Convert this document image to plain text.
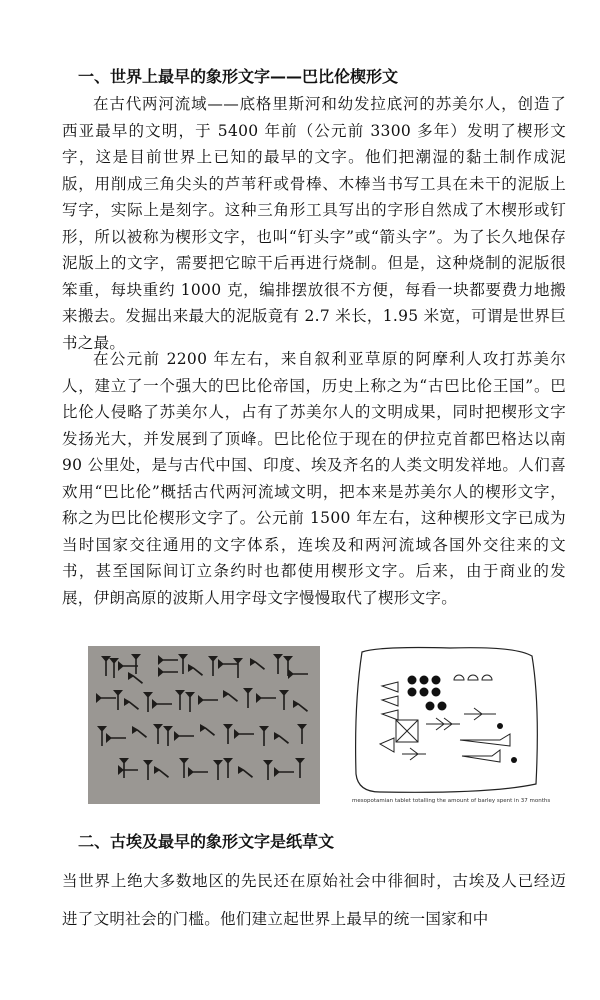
一、世界上最早的象形文字——巴比伦楔形文

在古代两河流域——底格里斯河和幼发拉底河的苏美尔人，创造了西亚最早的文明，于 5400 年前（公元前 3300 多年）发明了楔形文字，这是目前世界上已知的最早的文字。他们把潮湿的黏土制作成泥版，用削成三角尖头的芦苇秆或骨棒、木棒当书写工具在未干的泥版上写字，实际上是刻字。这种三角形工具写出的字形自然成了木楔形或钉形，所以被称为楔形文字，也叫“钉头字”或“箭头字”。为了长久地保存泥版上的文字，需要把它晾干后再进行烧制。但是，这种烧制的泥版很笨重，每块重约 1000 克，编排摆放很不方便，每看一块都要费力地搬来搬去。发掘出来最大的泥版竟有 2.7 米长，1.95 米宽，可谓是世界巨书之最。

在公元前 2200 年左右，来自叙利亚草原的阿摩利人攻打苏美尔人，建立了一个强大的巴比伦帝国，历史上称之为“古巴比伦王国”。巴比伦人侵略了苏美尔人，占有了苏美尔人的文明成果，同时把楔形文字发扬光大，并发展到了顶峰。巴比伦位于现在的伊拉克首都巴格达以南 90 公里处，是与古代中国、印度、埃及齐名的人类文明发祥地。人们喜欢用“巴比伦”概括古代两河流域文明，把本来是苏美尔人的楔形文字，称之为巴比伦楔形文字了。公元前 1500 年左右，这种楔形文字已成为当时国家交往通用的文字体系，连埃及和两河流域各国外交往来的文书，甚至国际间订立条约时也都使用楔形文字。后来，由于商业的发展，伊朗高原的波斯人用字母文字慢慢取代了楔形文字。

mesopotamian tablet totalling the amount of barley spent in 37 months
二、古埃及最早的象形文字是纸草文

当世界上绝大多数地区的先民还在原始社会中徘徊时，古埃及人已经迈进了文明社会的门槛。他们建立起世界上最早的统一国家和中
